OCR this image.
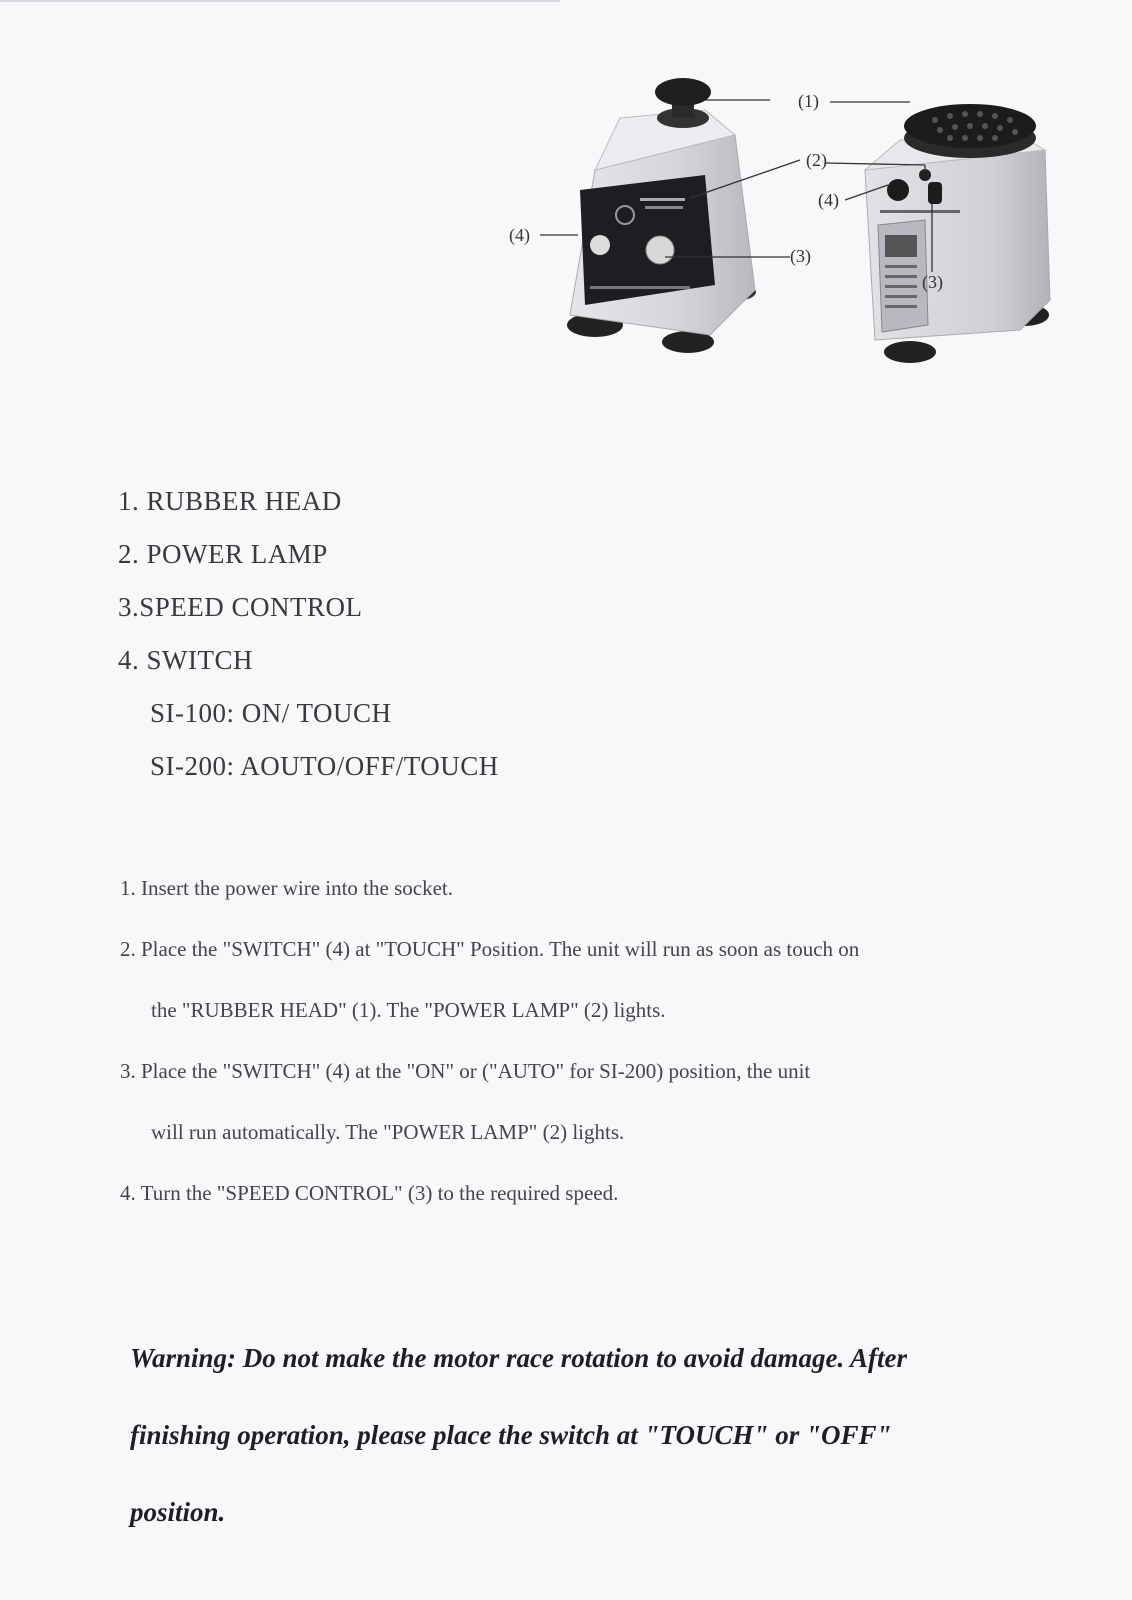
(1)
(2)
(3)
(4)
(4)
(3)
1. RUBBER HEAD
2. POWER LAMP
3.SPEED CONTROL
4. SWITCH
SI-100: ON/ TOUCH
SI-200: AOUTO/OFF/TOUCH
1. Insert the power wire into the socket.
2. Place the "SWITCH" (4) at "TOUCH" Position. The unit will run as soon as touch on
the "RUBBER HEAD" (1). The "POWER LAMP" (2) lights.
3. Place the "SWITCH" (4) at the "ON" or ("AUTO" for SI-200) position, the unit
will run automatically. The "POWER LAMP" (2) lights.
4. Turn the "SPEED CONTROL" (3) to the required speed.
Warning: Do not make the motor race rotation to avoid damage. After
finishing operation, please place the switch at "TOUCH" or "OFF"
position.
